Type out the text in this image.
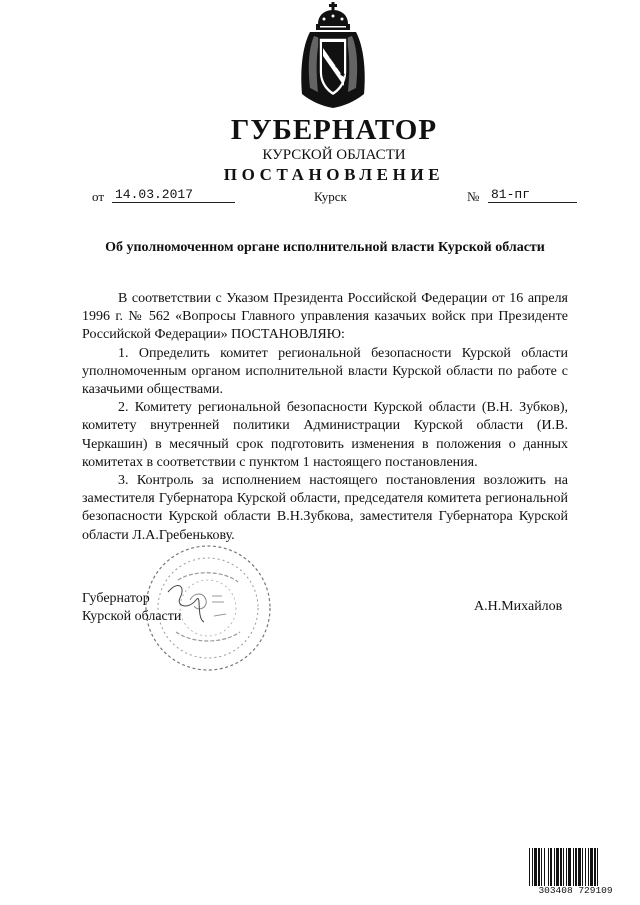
ГУБЕРНАТОР
КУРСКОЙ ОБЛАСТИ
ПОСТАНОВЛЕНИЕ
от 14.03.2017	Курск	№ 81-пг
Об уполномоченном органе исполнительной власти Курской области

В соответствии с Указом Президента Российской Федерации от 16 апреля 1996 г. № 562 «Вопросы Главного управления казачьих войск при Президенте Российской Федерации» ПОСТАНОВЛЯЮ:

1. Определить комитет региональной безопасности Курской области уполномоченным органом исполнительной власти Курской области по работе с казачьими обществами.

2. Комитету региональной безопасности Курской области (В.Н. Зубков), комитету внутренней политики Администрации Курской области (И.В. Черкашин) в месячный срок подготовить изменения в положения о данных комитетах в соответствии с пунктом 1 настоящего постановления.

3. Контроль за исполнением настоящего постановления возложить на заместителя Губернатора Курской области, председателя комитета региональной безопасности Курской области В.Н.Зубкова, заместителя Губернатора Курской области Л.А.Гребенькову.

Губернатор
Курской области
А.Н.Михайлов
303408 729109
